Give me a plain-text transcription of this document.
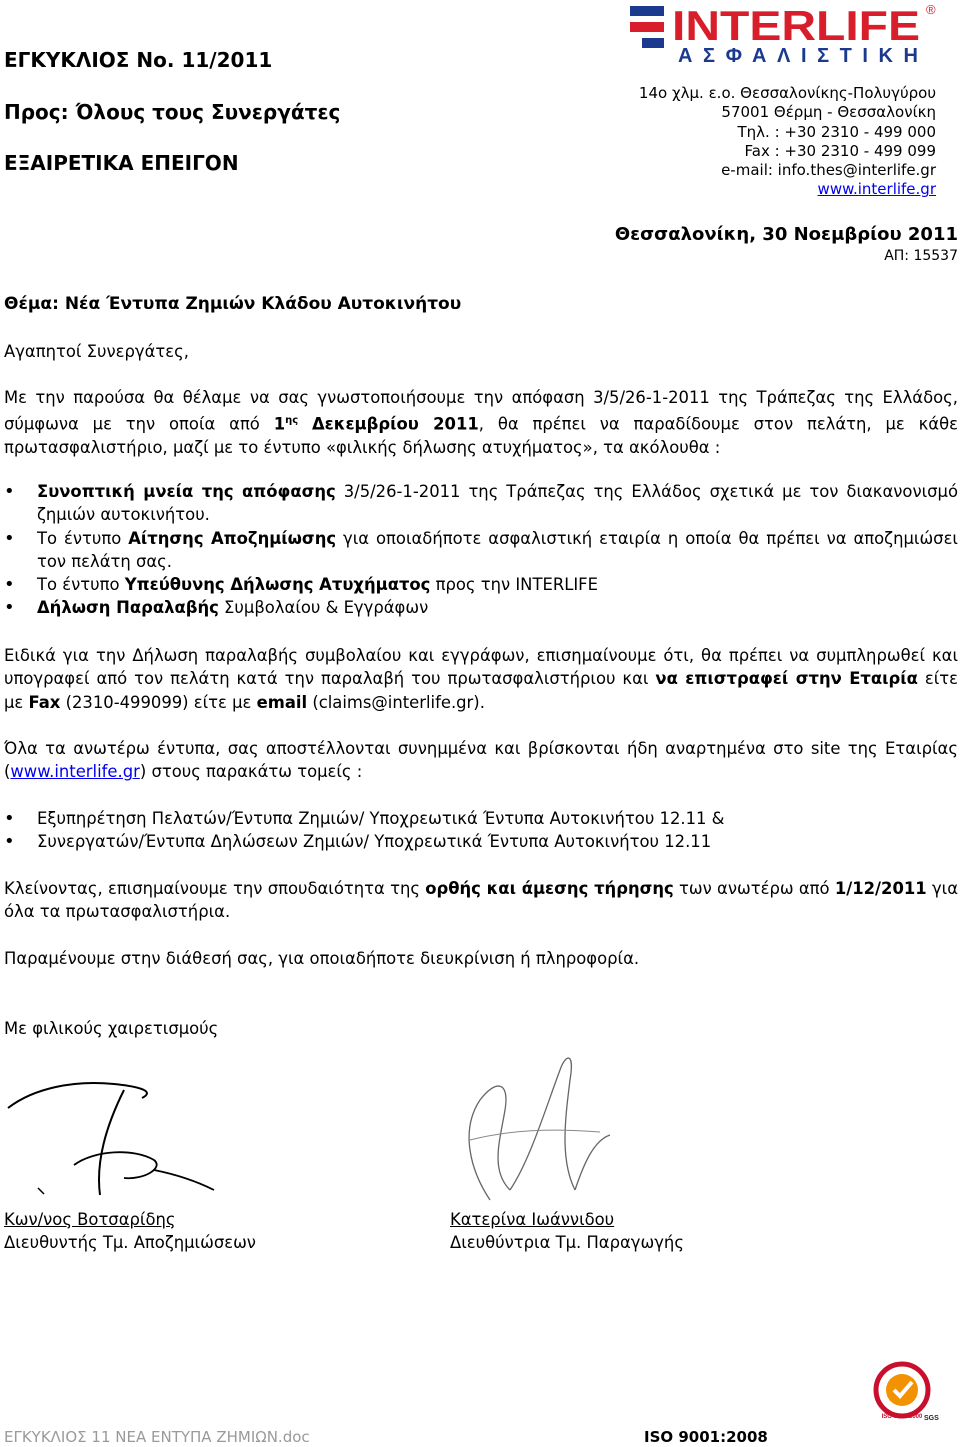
ΕΓΚΥΚΛΙΟΣ No. 11/2011
Προς: Όλους τους Συνεργάτες
ΕΞΑΙΡΕΤΙΚΑ ΕΠΕΙΓΟΝ
INTERLIFE ®
ΑΣΦΑΛΙΣΤΙΚΗ
14ο χλμ. ε.ο. Θεσσαλονίκης-Πολυγύρου
57001 Θέρμη - Θεσσαλονίκη
Τηλ. : +30 2310 - 499 000
Fax : +30 2310 - 499 099
e-mail: info.thes@interlife.gr
www.interlife.gr
Θεσσαλονίκη, 30 Νοεμβρίου 2011
ΑΠ: 15537
Θέμα: Νέα Έντυπα Ζημιών Κλάδου Αυτοκινήτου
Αγαπητοί Συνεργάτες,
Με την παρούσα θα θέλαμε να σας γνωστοποιήσουμε την απόφαση 3/5/26-1-2011 της Τράπεζας της Ελλάδος,
σύμφωνα με την οποία από $1^{\eta\varsigma}$ Δεκεμβρίου 2011, θα πρέπει να παραδίδουμε στον πελάτη, με κάθε
πρωτασφαλιστήριο, μαζί με το έντυπο «φιλικής δήλωσης ατυχήματος», τα ακόλουθα :
• Συνοπτική μνεία της απόφασης 3/5/26-1-2011 της Τράπεζας της Ελλάδος σχετικά με τον διακανονισμό ζημιών αυτοκινήτου.
• Το έντυπο Αίτησης Αποζημίωσης για οποιαδήποτε ασφαλιστική εταιρία η οποία θα πρέπει να αποζημιώσει τον πελάτη σας.
• Το έντυπο Υπεύθυνης Δήλωσης Ατυχήματος προς την INTERLIFE
• Δήλωση Παραλαβής Συμβολαίου & Εγγράφων
Ειδικά για την Δήλωση παραλαβής συμβολαίου και εγγράφων, επισημαίνουμε ότι, θα πρέπει να συμπληρωθεί και υπογραφεί από τον πελάτη κατά την παραλαβή του πρωτασφαλιστήριου και να επιστραφεί στην Εταιρία είτε με Fax (2310-499099) είτε με email (claims@interlife.gr).
Όλα τα ανωτέρω έντυπα, σας αποστέλλονται συνημμένα και βρίσκονται ήδη αναρτημένα στο site της Εταιρίας (www.interlife.gr) στους παρακάτω τομείς :
• Εξυπηρέτηση Πελατών/Έντυπα Ζημιών/ Υποχρεωτικά Έντυπα Αυτοκινήτου 12.11 &
• Συνεργατών/Έντυπα Δηλώσεων Ζημιών/ Υποχρεωτικά Έντυπα Αυτοκινήτου 12.11
Κλείνοντας, επισημαίνουμε την σπουδαιότητα της ορθής και άμεσης τήρησης των ανωτέρω από 1/12/2011 για όλα τα πρωτασφαλιστήρια.
Παραμένουμε στην διάθεσή σας, για οποιαδήποτε διευκρίνιση ή πληροφορία.
Με φιλικούς χαιρετισμούς
Κων/νος Βοτσαρίδης
Διευθυντής Τμ. Αποζημιώσεων
Κατερίνα Ιωάννιδου
Διευθύντρια Τμ. Παραγωγής
ISO 9001:2000 SGS
ΕΓΚΥΚΛΙΟΣ 11 ΝΕΑ ΕΝΤΥΠΑ ΖΗΜΙΩΝ.doc	ISO 9001:2008
